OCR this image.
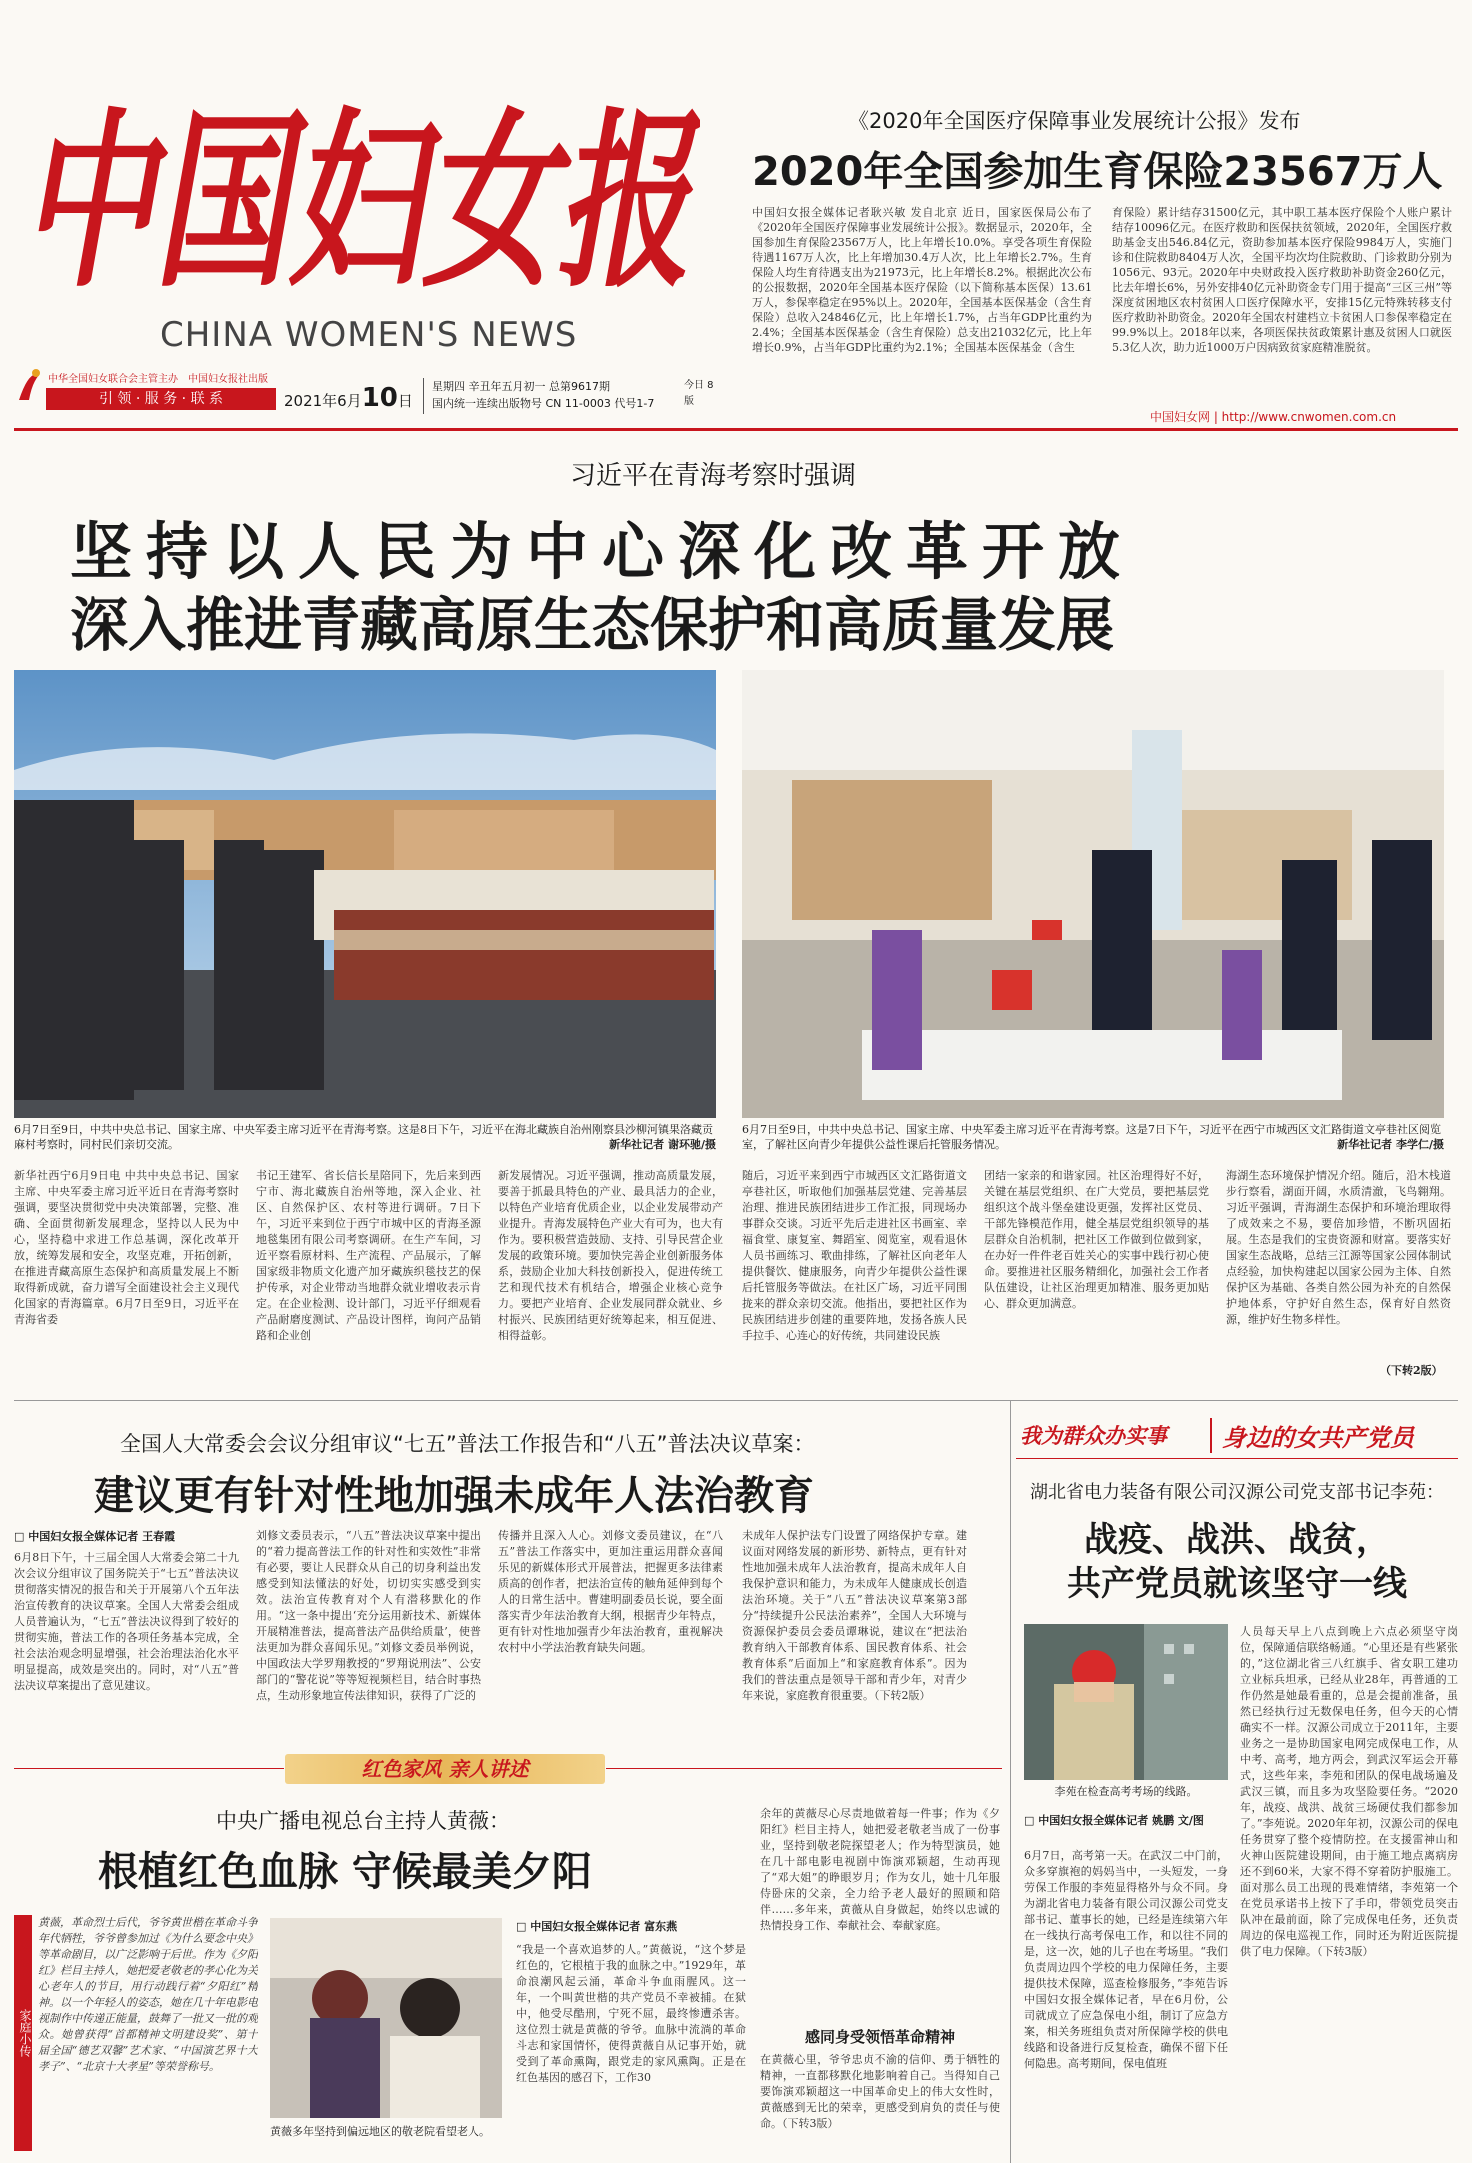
中国妇女报
CHINA WOMEN'S NEWS
中华全国妇女联合会主管主办　 中国妇女报社出版
引 领 · 服 务 · 联 系	2021年6月10日
星期四 辛丑年五月初一 总第9617期
国内统一连续出版物号 CN 11-0003 代号1-7
今日 8版
《2020年全国医疗保障事业发展统计公报》发布
2020年全国参加生育保险23567万人
中国妇女报全媒体记者耿兴敏 发自北京 近日，国家医保局公布了《2020年全国医疗保障事业发展统计公报》。数据显示，2020年，全国参加生育保险23567万人，比上年增长10.0%。享受各项生育保险待遇1167万人次，比上年增加30.4万人次，比上年增长2.7%。生育保险人均生育待遇支出为21973元，比上年增长8.2%。根据此次公布的公报数据，2020年全国基本医疗保险（以下简称基本医保）13.61万人，参保率稳定在95%以上。2020年，全国基本医保基金（含生育保险）总收入24846亿元，比上年增长1.7%，占当年GDP比重约为2.4%；全国基本医保基金（含生育保险）总支出21032亿元，比上年增长0.9%，占当年GDP比重约为2.1%；全国基本医保基金（含生
育保险）累计结存31500亿元，其中职工基本医疗保险个人账户累计结存10096亿元。在医疗救助和医保扶贫领域，2020年，全国医疗救助基金支出546.84亿元，资助参加基本医疗保险9984万人，实施门诊和住院救助8404万人次，全国平均次均住院救助、门诊救助分别为1056元、93元。2020年中央财政投入医疗救助补助资金260亿元，比去年增长6%，另外安排40亿元补助资金专门用于提高“三区三州”等深度贫困地区农村贫困人口医疗保障水平，安排15亿元特殊转移支付医疗救助补助资金。2020年全国农村建档立卡贫困人口参保率稳定在99.9%以上。2018年以来，各项医保扶贫政策累计惠及贫困人口就医5.3亿人次，助力近1000万户因病致贫家庭精准脱贫。
中国妇女网 | http://www.cnwomen.com.cn
习近平在青海考察时强调
坚持以人民为中心深化改革开放
深入推进青藏高原生态保护和高质量发展
6月7日至9日，中共中央总书记、国家主席、中央军委主席习近平在青海考察。这是8日下午，习近平在海北藏族自治州刚察县沙柳河镇果洛藏贡麻村考察时，同村民们亲切交流。	新华社记者 谢环驰/摄
6月7日至9日，中共中央总书记、国家主席、中央军委主席习近平在青海考察。这是7日下午，习近平在西宁市城西区文汇路街道文亭巷社区阅览室，了解社区向青少年提供公益性课后托管服务情况。	新华社记者 李学仁/摄
新华社西宁6月9日电 中共中央总书记、国家主席、中央军委主席习近平近日在青海考察时强调，要坚决贯彻党中央决策部署，完整、准确、全面贯彻新发展理念，坚持以人民为中心，坚持稳中求进工作总基调，深化改革开放，统筹发展和安全，攻坚克难，开拓创新，在推进青藏高原生态保护和高质量发展上不断取得新成就，奋力谱写全面建设社会主义现代化国家的青海篇章。6月7日至9日，习近平在青海省委
书记王建军、省长信长星陪同下，先后来到西宁市、海北藏族自治州等地，深入企业、社区、自然保护区、农村等进行调研。7日下午，习近平来到位于西宁市城中区的青海圣源地毯集团有限公司考察调研。在生产车间，习近平察看原材料、生产流程、产品展示，了解国家级非物质文化遗产加牙藏族织毯技艺的保护传承，对企业带动当地群众就业增收表示肯定。在企业检测、设计部门，习近平仔细观看产品耐磨度测试、产品设计图样，询问产品销路和企业创
新发展情况。习近平强调，推动高质量发展，要善于抓最具特色的产业、最具活力的企业，以特色产业培育优质企业，以企业发展带动产业提升。青海发展特色产业大有可为，也大有作为。要积极营造鼓励、支持、引导民营企业发展的政策环境。要加快完善企业创新服务体系，鼓励企业加大科技创新投入，促进传统工艺和现代技术有机结合，增强企业核心竞争力。要把产业培育、企业发展同群众就业、乡村振兴、民族团结更好统筹起来，相互促进、相得益彰。
随后，习近平来到西宁市城西区文汇路街道文亭巷社区，听取他们加强基层党建、完善基层治理、推进民族团结进步工作汇报，同现场办事群众交谈。习近平先后走进社区书画室、幸福食堂、康复室、舞蹈室、阅览室，观看退休人员书画练习、歌曲排练，了解社区向老年人提供餐饮、健康服务，向青少年提供公益性课后托管服务等做法。在社区广场，习近平同围拢来的群众亲切交流。他指出，要把社区作为民族团结进步创建的重要阵地，发扬各族人民手拉手、心连心的好传统，共同建设民族
团结一家亲的和谐家园。社区治理得好不好，关键在基层党组织、在广大党员，要把基层党组织这个战斗堡垒建设更强，发挥社区党员、干部先锋模范作用，健全基层党组织领导的基层群众自治机制，把社区工作做到位做到家，在办好一件件老百姓关心的实事中践行初心使命。要推进社区服务精细化，加强社会工作者队伍建设，让社区治理更加精准、服务更加贴心、群众更加满意。
海湖生态环境保护情况介绍。随后，沿木栈道步行察看，湖面开阔，水质清澈，飞鸟翱翔。习近平强调，青海湖生态保护和环境治理取得了成效来之不易，要倍加珍惜，不断巩固拓展。生态是我们的宝贵资源和财富。要落实好国家生态战略，总结三江源等国家公园体制试点经验，加快构建起以国家公园为主体、自然保护区为基础、各类自然公园为补充的自然保护地体系，守护好自然生态，保育好自然资源，维护好生物多样性。
（下转2版）
全国人大常委会会议分组审议“七五”普法工作报告和“八五”普法决议草案：
建议更有针对性地加强未成年人法治教育
□ 中国妇女报全媒体记者 王春霞
6月8日下午，十三届全国人大常委会第二十九次会议分组审议了国务院关于“七五”普法决议贯彻落实情况的报告和关于开展第八个五年法治宣传教育的决议草案。全国人大常委会组成人员普遍认为，“七五”普法决议得到了较好的贯彻实施，普法工作的各项任务基本完成，全社会法治观念明显增强，社会治理法治化水平明显提高，成效是突出的。同时，对“八五”普法决议草案提出了意见建议。
刘修文委员表示，“八五”普法决议草案中提出的“着力提高普法工作的针对性和实效性”非常有必要，要让人民群众从自己的切身利益出发感受到知法懂法的好处，切切实实感受到实效。法治宣传教育对个人有潜移默化的作用。“这一条中提出‘充分运用新技术、新媒体开展精准普法，提高普法产品供给质量’，使普法更加为群众喜闻乐见。”刘修文委员举例说，中国政法大学罗翔教授的“罗翔说刑法”、公安部门的“警花说”等等短视频栏目，结合时事热点，生动形象地宣传法律知识，获得了广泛的
传播并且深入人心。刘修文委员建议，在“八五”普法工作落实中，更加注重运用群众喜闻乐见的新媒体形式开展普法，把握更多法律素质高的创作者，把法治宣传的触角延伸到每个人的日常生活中。曹建明副委员长说，要全面落实青少年法治教育大纲，根据青少年特点，更有针对性地加强青少年法治教育，重视解决农村中小学法治教育缺失问题。
未成年人保护法专门设置了网络保护专章。建议面对网络发展的新形势、新特点，更有针对性地加强未成年人法治教育，提高未成年人自我保护意识和能力，为未成年人健康成长创造法治环境。关于“八五”普法决议草案第3部分“持续提升公民法治素养”，全国人大环境与资源保护委员会委员谭琳说，建议在“把法治教育纳入干部教育体系、国民教育体系、社会教育体系”后面加上“和家庭教育体系”。因为我们的普法重点是领导干部和青少年，对青少年来说，家庭教育很重要。（下转2版）
我为群众办实事	身边的女共产党员
湖北省电力装备有限公司汉源公司党支部书记李苑：
战疫、战洪、战贫，
共产党员就该坚守一线
李苑在检查高考考场的线路。
□ 中国妇女报全媒体记者 姚鹏 文/图
6月7日，高考第一天。在武汉二中门前，众多穿旗袍的妈妈当中，一头短发，一身劳保工作服的李苑显得格外与众不同。身为湖北省电力装备有限公司汉源公司党支部书记、董事长的她，已经是连续第六年在一线执行高考保电工作，和以往不同的是，这一次，她的儿子也在考场里。“我们负责周边四个学校的电力保障任务，主要提供技术保障，巡查检修服务，”李苑告诉中国妇女报全媒体记者，早在6月份，公司就成立了应急保电小组，制订了应急方案，相关务班组负责对所保障学校的供电线路和设备进行反复检查，确保不留下任何隐患。高考期间，保电值班
人员每天早上八点到晚上六点必须坚守岗位，保障通信联络畅通。“心里还是有些紧张的，”这位湖北省三八红旗手、省女职工建功立业标兵坦承，已经从业28年，再普通的工作仍然是她最看重的，总是会提前准备，虽然已经执行过无数保电任务，但今天的心情确实不一样。汉源公司成立于2011年，主要业务之一是协助国家电网完成保电工作，从中考、高考，地方两会，到武汉军运会开幕式，这些年来，李苑和团队的保电战场遍及武汉三镇，而且多为攻坚险要任务。“2020年，战疫、战洪、战贫三场硬仗我们都参加了。”李苑说。2020年年初，汉源公司的保电任务贯穿了整个疫情防控。在支援雷神山和火神山医院建设期间，由于施工地点离病房还不到60米，大家不得不穿着防护服施工。面对那么员工出现的畏难情绪，李苑第一个在党员承诺书上按下了手印，带领党员突击队冲在最前面，除了完成保电任务，还负责周边的保电巡视工作，同时还为附近医院提供了电力保障。（下转3版）
红色家风 亲人讲述
中央广播电视总台主持人黄薇：
根植红色血脉 守候最美夕阳
家庭小传
黄薇，革命烈士后代，爷爷黄世楷在革命斗争年代牺牲，爷爷曾参加过《为什么要念中央》等革命剧目，以广泛影响于后世。作为《夕阳红》栏目主持人，她把爱老敬老的孝心化为关心老年人的节目，用行动践行着“夕阳红”精神。以一个年轻人的姿态，她在几十年电影电视制作中传递正能量，鼓舞了一批又一批的观众。她曾获得“首都精神文明建设奖”、第十届全国“德艺双馨”艺术家、“中国演艺界十大孝子”、“北京十大孝星”等荣誉称号。
黄薇多年坚持到偏远地区的敬老院看望老人。
□ 中国妇女报全媒体记者 富东燕
“我是一个喜欢追梦的人。”黄薇说，“这个梦是红色的，它根植于我的血脉之中。”1929年，革命浪潮风起云涌，革命斗争血雨腥风。这一年，一个叫黄世楷的共产党员不幸被捕。在狱中，他受尽酷刑，宁死不屈，最终惨遭杀害。这位烈士就是黄薇的爷爷。血脉中流淌的革命斗志和家国情怀，使得黄薇自从记事开始，就受到了革命熏陶，跟党走的家风熏陶。正是在红色基因的感召下，工作30
余年的黄薇尽心尽责地做着每一件事；作为《夕阳红》栏目主持人，她把爱老敬老当成了一份事业，坚持到敬老院探望老人；作为特型演员，她在几十部电影电视剧中饰演邓颖超，生动再现了“邓大姐”的睁眼岁月；作为女儿，她十几年服侍卧床的父亲，全力给予老人最好的照顾和陪伴……多年来，黄薇从自身做起，始终以忠诚的热情投身工作、奉献社会、奉献家庭。
感同身受领悟革命精神
在黄薇心里，爷爷忠贞不渝的信仰、勇于牺牲的精神，一直都移默化地影响着自己。当得知自己要饰演邓颖超这一中国革命史上的伟大女性时，黄薇感到无比的荣幸，更感受到肩负的责任与使命。（下转3版）
